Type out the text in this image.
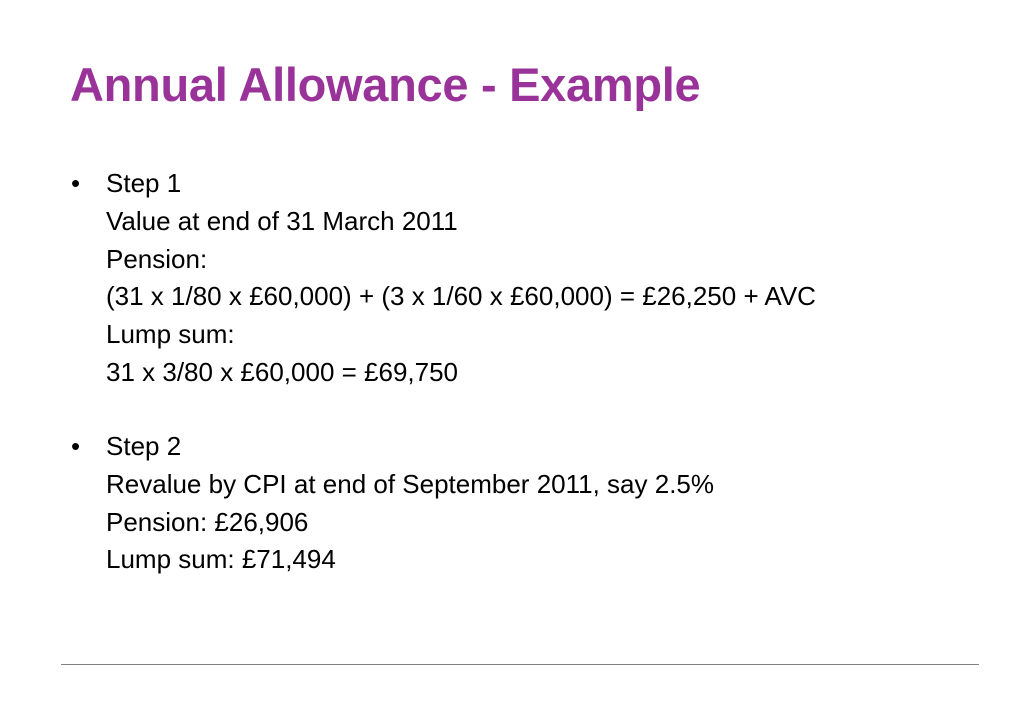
Annual Allowance - Example
• Step 1
Value at end of 31 March 2011
Pension:
(31 x 1/80 x £60,000) + (3 x 1/60 x £60,000) = £26,250 + AVC
Lump sum:
31 x 3/80 x £60,000 = £69,750
• Step 2
Revalue by CPI at end of September 2011, say 2.5%
Pension: £26,906
Lump sum: £71,494
